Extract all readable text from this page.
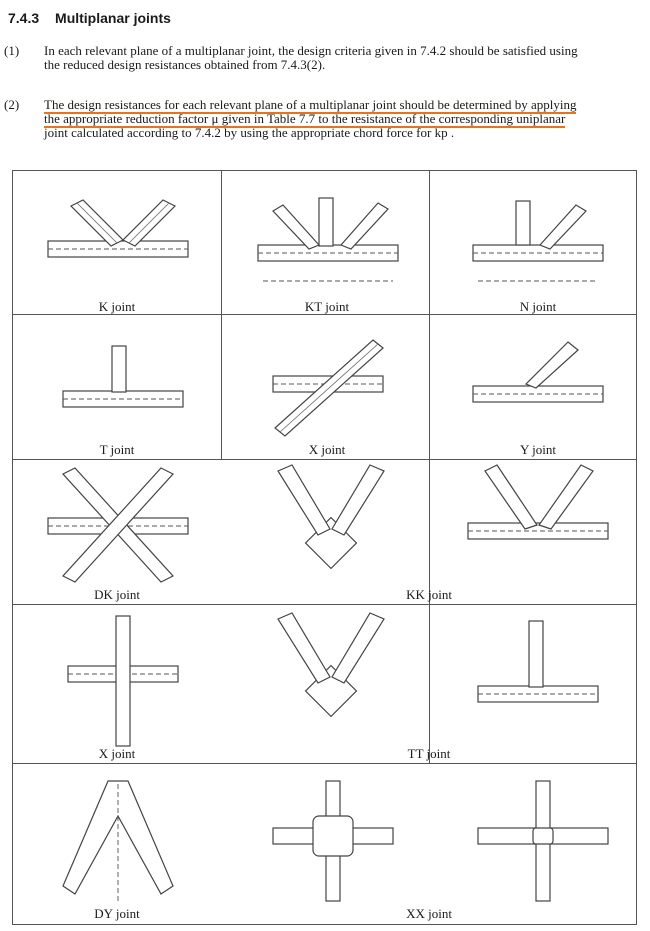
7.4.3 Multiplanar joints
(1) In each relevant plane of a multiplanar joint, the design criteria given in 7.4.2 should be satisfied using
the reduced design resistances obtained from 7.4.3(2).
(2) The design resistances for each relevant plane of a multiplanar joint should be determined by applying
the appropriate reduction factor μ given in Table 7.7 to the resistance of the corresponding uniplanar
joint calculated according to 7.4.2 by using the appropriate chord force for kp .
K joint	KT joint	N joint
T joint	X joint	Y joint
DK joint	KK joint
X joint	TT joint
DY joint	XX joint
